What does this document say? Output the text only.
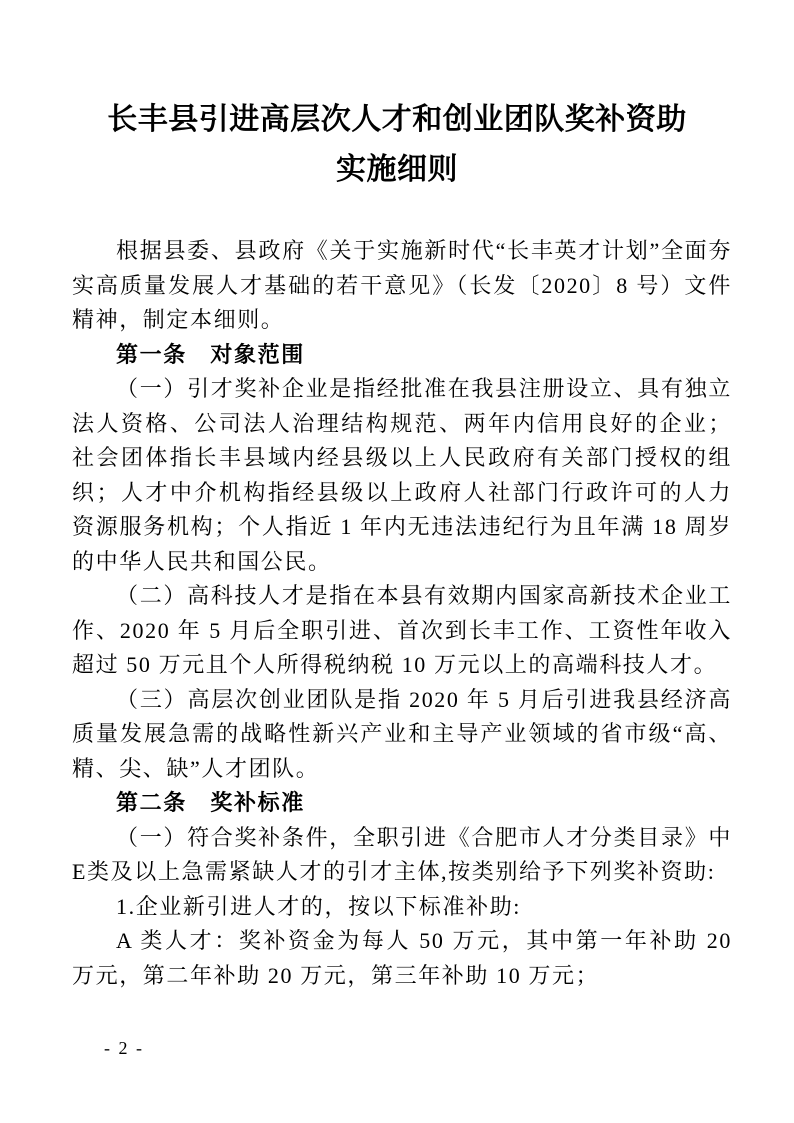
长丰县引进高层次人才和创业团队奖补资助
实施细则

根据县委、县政府《关于实施新时代“长丰英才计划”全面夯实高质量发展人才基础的若干意见》（长发〔2020〕8 号）文件精神，制定本细则。

第一条　对象范围

（一）引才奖补企业是指经批准在我县注册设立、具有独立法人资格、公司法人治理结构规范、两年内信用良好的企业；社会团体指长丰县域内经县级以上人民政府有关部门授权的组织；人才中介机构指经县级以上政府人社部门行政许可的人力资源服务机构；个人指近 1 年内无违法违纪行为且年满 18 周岁的中华人民共和国公民。

（二）高科技人才是指在本县有效期内国家高新技术企业工作、2020 年 5 月后全职引进、首次到长丰工作、工资性年收入超过 50 万元且个人所得税纳税 10 万元以上的高端科技人才。

（三）高层次创业团队是指 2020 年 5 月后引进我县经济高质量发展急需的战略性新兴产业和主导产业领域的省市级“高、精、尖、缺”人才团队。

第二条　奖补标准

（一）符合奖补条件，全职引进《合肥市人才分类目录》中E类及以上急需紧缺人才的引才主体,按类别给予下列奖补资助:

1.企业新引进人才的，按以下标准补助:

A 类人才：奖补资金为每人 50 万元，其中第一年补助 20 万元，第二年补助 20 万元，第三年补助 10 万元；

- 2 -
